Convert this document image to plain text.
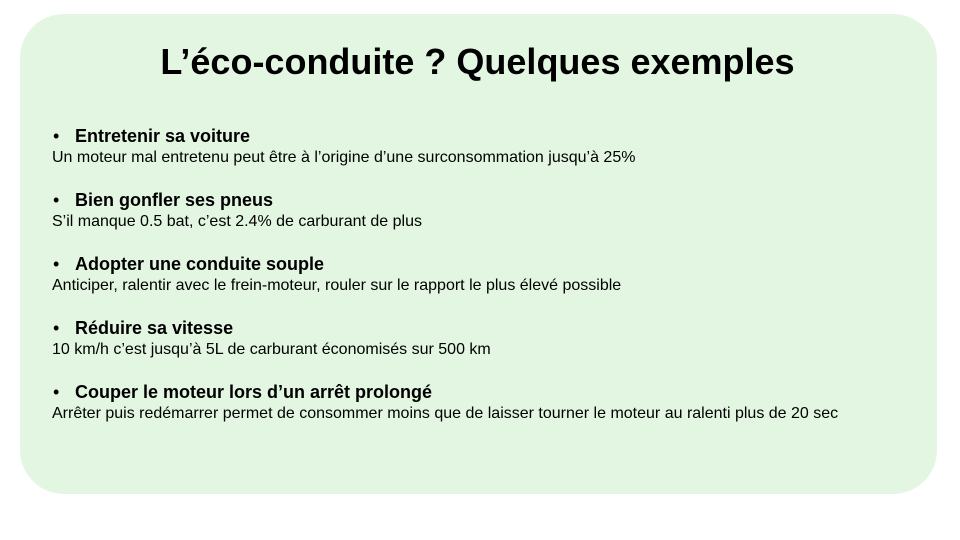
L’éco-conduite ? Quelques exemples
• Entretenir sa voiture

Un moteur mal entretenu peut être à l’origine d’une surconsommation jusqu’à 25%

• Bien gonfler ses pneus

S’il manque 0.5 bat, c’est 2.4% de carburant de plus

• Adopter une conduite souple

Anticiper, ralentir avec le frein-moteur, rouler sur le rapport le plus élevé possible

• Réduire sa vitesse

10 km/h c’est jusqu’à 5L de carburant économisés sur 500 km

• Couper le moteur lors d’un arrêt prolongé

Arrêter puis redémarrer permet de consommer moins que de laisser tourner le moteur au ralenti plus de 20 sec
